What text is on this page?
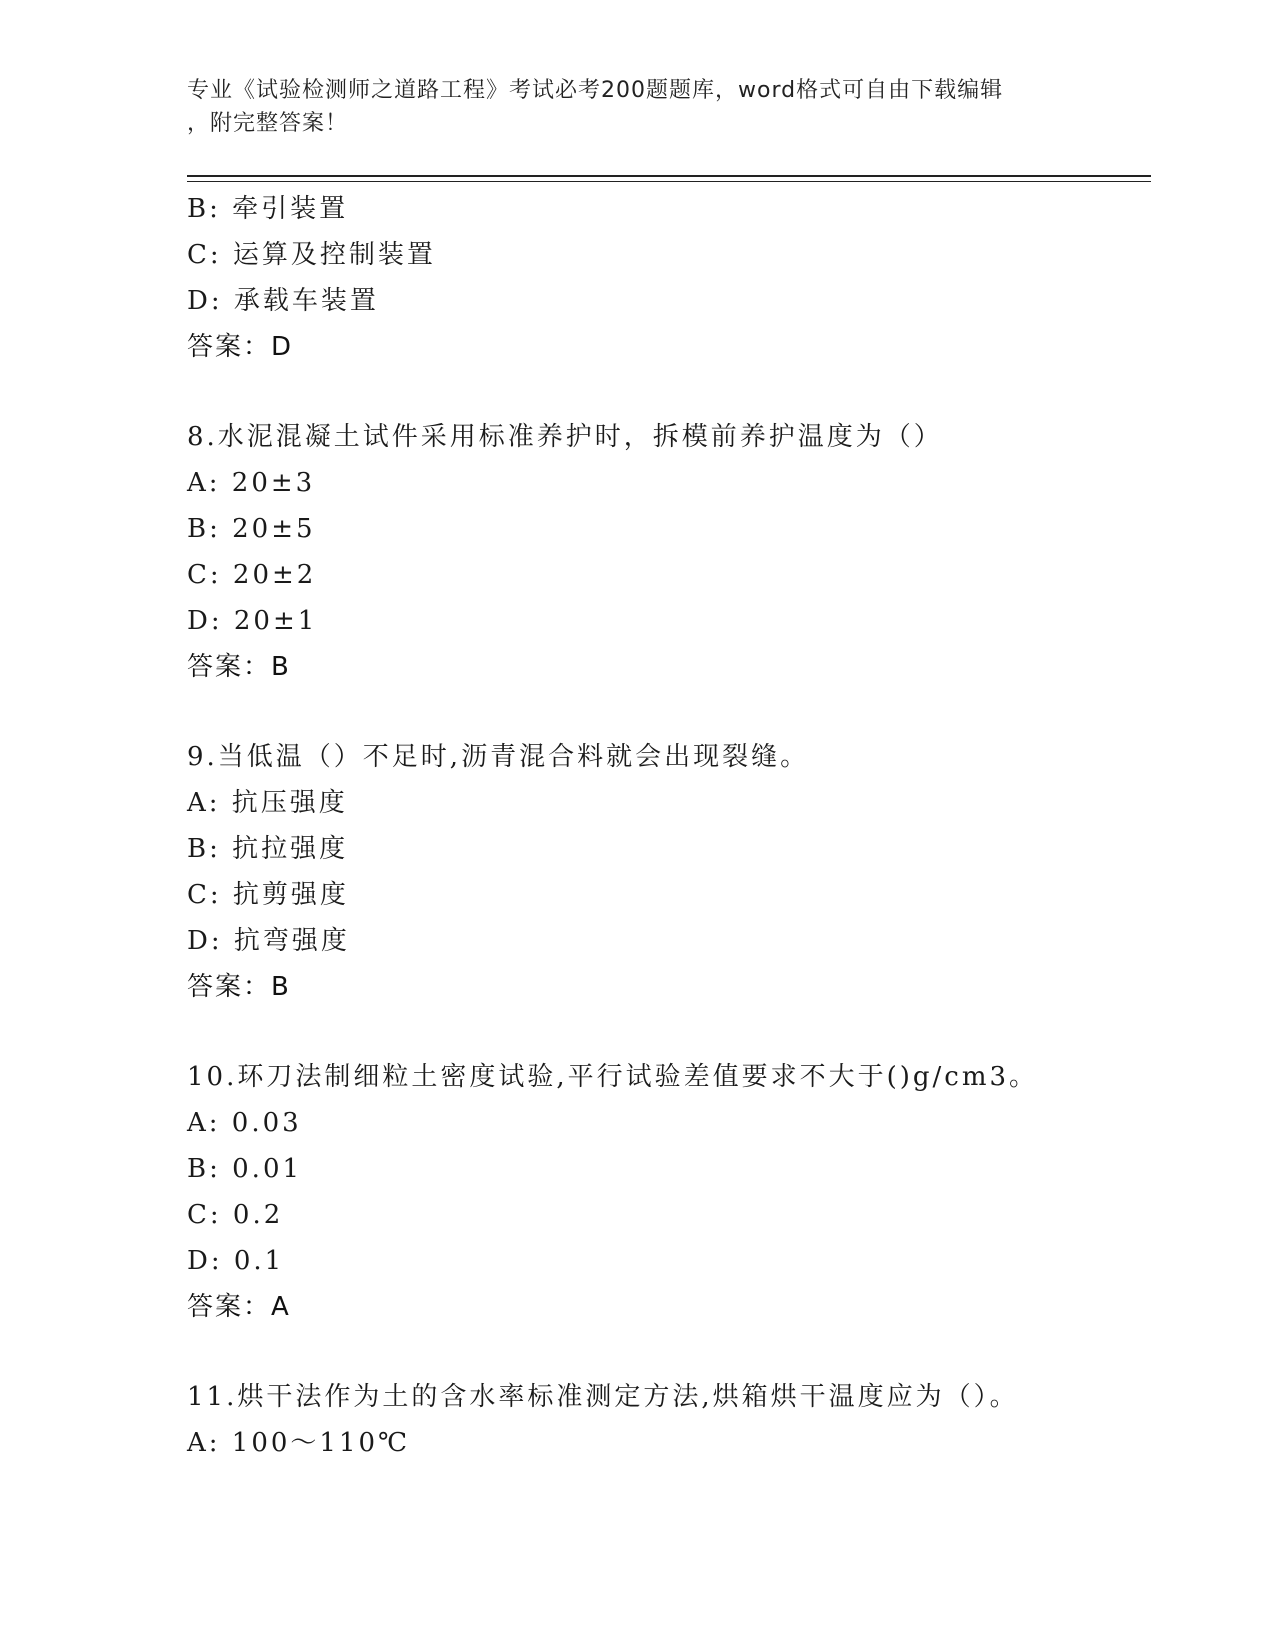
专业《试验检测师之道路工程》考试必考200题题库，word格式可自由下载编辑
，附完整答案！
B: 牵引装置
C: 运算及控制装置
D: 承载车装置
答案：D
8.水泥混凝土试件采用标准养护时，拆模前养护温度为（）
A: 20±3
B: 20±5
C: 20±2
D: 20±1
答案：B
9.当低温（）不足时,沥青混合料就会出现裂缝。
A: 抗压强度
B: 抗拉强度
C: 抗剪强度
D: 抗弯强度
答案：B
10.环刀法制细粒土密度试验,平行试验差值要求不大于()g/cm3。
A: 0.03
B: 0.01
C: 0.2
D: 0.1
答案：A
11.烘干法作为土的含水率标准测定方法,烘箱烘干温度应为（）。
A: 100～110℃
